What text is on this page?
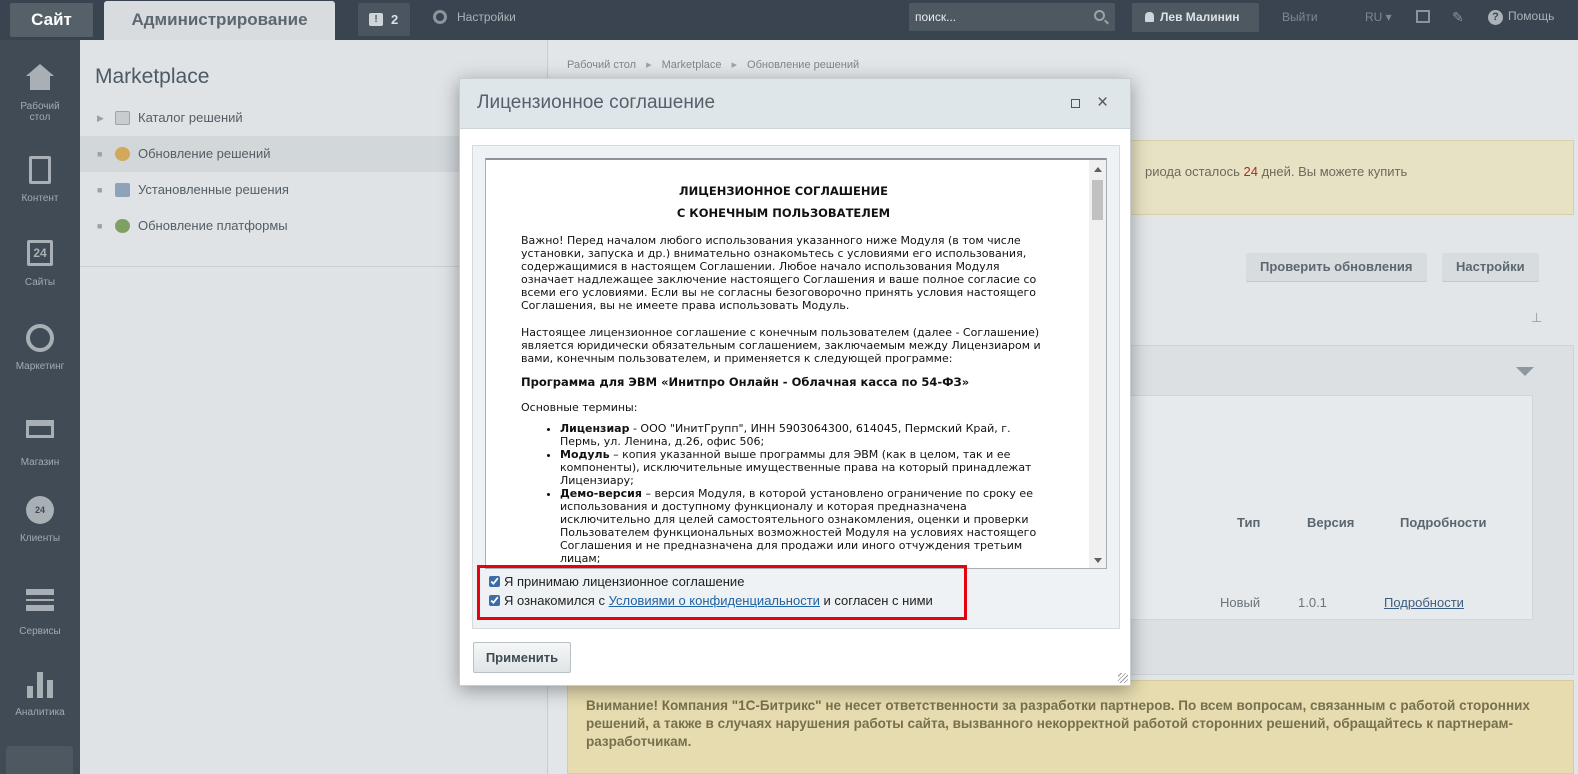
Сайт	Администрирование	!	2	Настройки
поиск...	Лев Малинин	Выйти	RU ▾	✎	? Помощь
Рабочий стол
Контент
24
Сайты
Маркетинг
Магазин
24
Клиенты
Сервисы
Аналитика
Marketplace
▶	Каталог решений
■	Обновление решений
■	Установленные решения
■	Обновление платформы
Рабочий стол ▸ Marketplace ▸ Обновление решений
риода осталось 24 дней. Вы можете купить
Проверить обновления	Настройки
⊥
Тип	Версия	Подробности
Новый	1.0.1	Подробности
Внимание! Компания "1С-Битрикс" не несет ответственности за разработки партнеров. По всем вопросам, связанным с работой сторонних решений, а также в случаях нарушения работы сайта, вызванного некорректной работой сторонних решений, обращайтесь к партнерам-разработчикам.
Лицензионное соглашение	×
ЛИЦЕНЗИОННОЕ СОГЛАШЕНИЕ
С КОНЕЧНЫМ ПОЛЬЗОВАТЕЛЕМ
Важно! Перед началом любого использования указанного ниже Модуля (в том числе установки, запуска и др.) внимательно ознакомьтесь с условиями его использования, содержащимися в настоящем Соглашении. Любое начало использования Модуля означает надлежащее заключение настоящего Соглашения и ваше полное согласие со всеми его условиями. Если вы не согласны безоговорочно принять условия настоящего Соглашения, вы не имеете права использовать Модуль.
Настоящее лицензионное соглашение с конечным пользователем (далее - Соглашение) является юридически обязательным соглашением, заключаемым между Лицензиаром и вами, конечным пользователем, и применяется к следующей программе:
Программа для ЭВМ «Инитпро Онлайн - Облачная касса по 54-ФЗ»
Основные термины:
• Лицензиар - ООО "ИнитГрупп", ИНН 5903064300, 614045, Пермский Край, г. Пермь, ул. Ленина, д.26, офис 506;
• Модуль – копия указанной выше программы для ЭВМ (как в целом, так и ее компоненты), исключительные имущественные права на который принадлежат Лицензиару;
• Демо-версия – версия Модуля, в которой установлено ограничение по сроку ее использования и доступному функционалу и которая предназначена исключительно для целей самостоятельного ознакомления, оценки и проверки Пользователем функциональных возможностей Модуля на условиях настоящего Соглашения и не предназначена для продажи или иного отчуждения третьим лицам;
Я принимаю лицензионное соглашение
Я ознакомился с Условиями о конфиденциальности и согласен с ними
Применить
